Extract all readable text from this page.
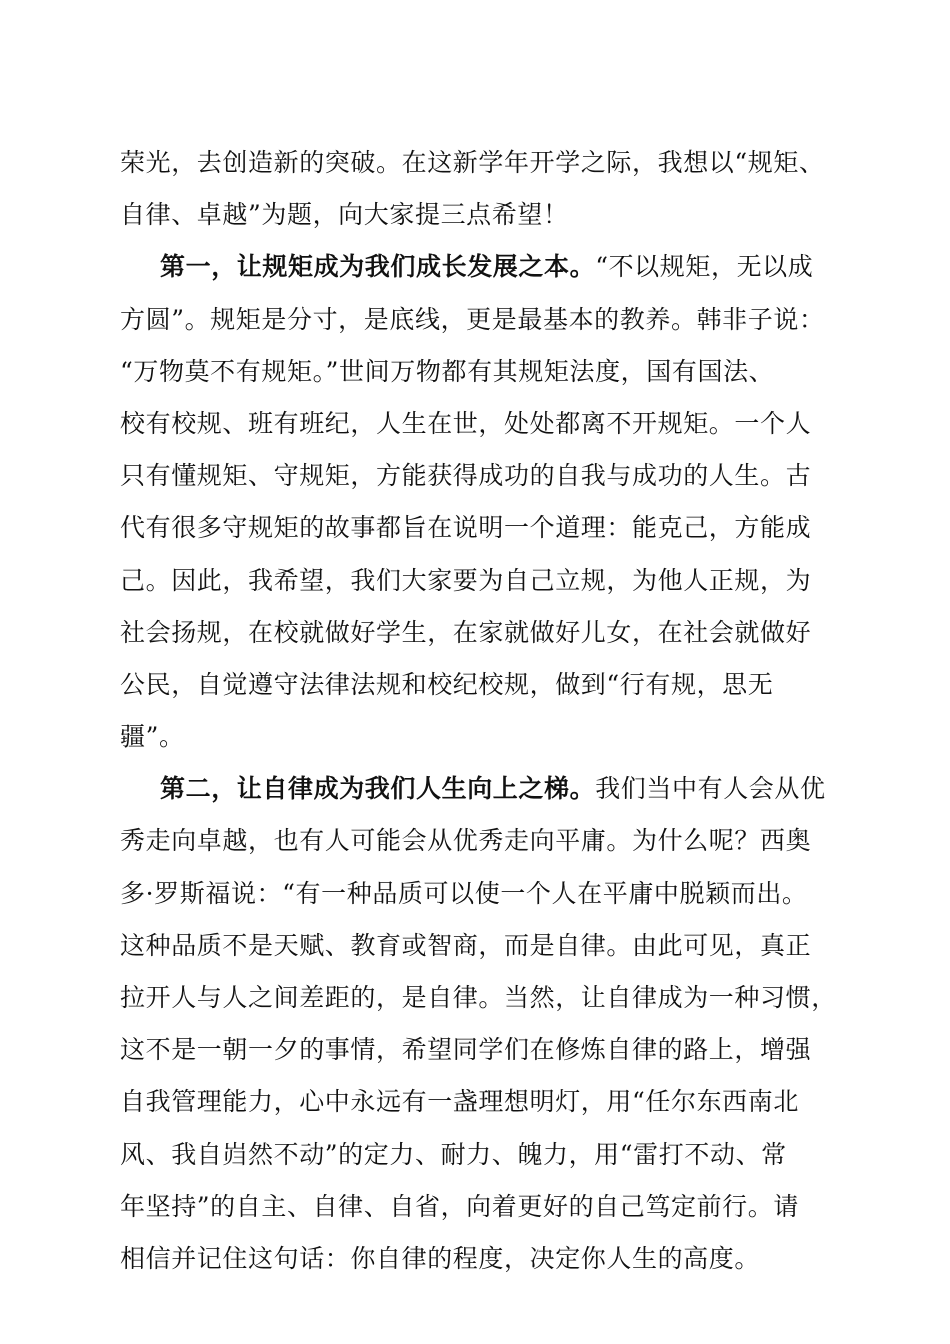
荣光，去创造新的突破。在这新学年开学之际，我想以“规矩、
自律、卓越”为题，向大家提三点希望！
第一，让规矩成为我们成长发展之本。“不以规矩，无以成
方圆”。规矩是分寸，是底线，更是最基本的教养。韩非子说：
“万物莫不有规矩。”世间万物都有其规矩法度，国有国法、
校有校规、班有班纪，人生在世，处处都离不开规矩。一个人
只有懂规矩、守规矩，方能获得成功的自我与成功的人生。古
代有很多守规矩的故事都旨在说明一个道理：能克己，方能成
己。因此，我希望，我们大家要为自己立规，为他人正规，为
社会扬规，在校就做好学生，在家就做好儿女，在社会就做好
公民，自觉遵守法律法规和校纪校规，做到“行有规，思无
疆”。
第二，让自律成为我们人生向上之梯。我们当中有人会从优
秀走向卓越，也有人可能会从优秀走向平庸。为什么呢？西奥
多·罗斯福说：“有一种品质可以使一个人在平庸中脱颖而出。
这种品质不是天赋、教育或智商，而是自律。由此可见，真正
拉开人与人之间差距的，是自律。当然，让自律成为一种习惯，
这不是一朝一夕的事情，希望同学们在修炼自律的路上，增强
自我管理能力，心中永远有一盏理想明灯，用“任尔东西南北
风、我自岿然不动”的定力、耐力、魄力，用“雷打不动、常
年坚持”的自主、自律、自省，向着更好的自己笃定前行。请
相信并记住这句话：你自律的程度，决定你人生的高度。
